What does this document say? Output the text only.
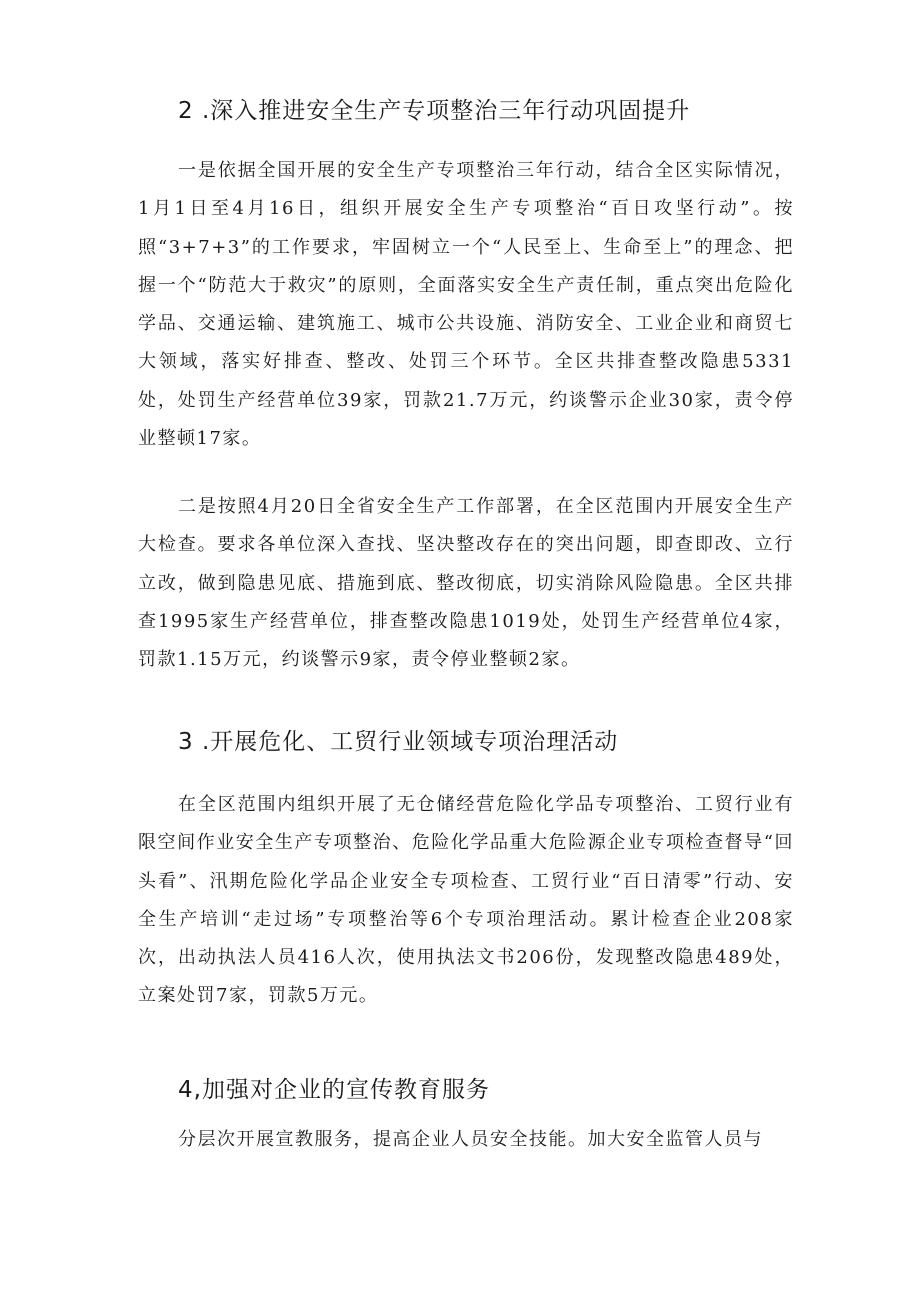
2 .深入推进安全生产专项整治三年行动巩固提升

一是依据全国开展的安全生产专项整治三年行动，结合全区实际情况，1月1日至4月16日，组织开展安全生产专项整治“百日攻坚行动”。按照“3+7+3”的工作要求，牢固树立一个“人民至上、生命至上”的理念、把握一个“防范大于救灾”的原则，全面落实安全生产责任制，重点突出危险化学品、交通运输、建筑施工、城市公共设施、消防安全、工业企业和商贸七大领域，落实好排查、整改、处罚三个环节。全区共排查整改隐患5331处，处罚生产经营单位39家，罚款21.7万元，约谈警示企业30家，责令停业整顿17家。

二是按照4月20日全省安全生产工作部署，在全区范围内开展安全生产大检查。要求各单位深入查找、坚决整改存在的突出问题，即查即改、立行立改，做到隐患见底、措施到底、整改彻底，切实消除风险隐患。全区共排查1995家生产经营单位，排查整改隐患1019处，处罚生产经营单位4家，罚款1.15万元，约谈警示9家，责令停业整顿2家。

3 .开展危化、工贸行业领域专项治理活动

在全区范围内组织开展了无仓储经营危险化学品专项整治、工贸行业有限空间作业安全生产专项整治、危险化学品重大危险源企业专项检查督导“回头看”、汛期危险化学品企业安全专项检查、工贸行业“百日清零”行动、安全生产培训“走过场”专项整治等6个专项治理活动。累计检查企业208家次，出动执法人员416人次，使用执法文书206份，发现整改隐患489处，立案处罚7家，罚款5万元。

4,加强对企业的宣传教育服务

分层次开展宣教服务，提高企业人员安全技能。加大安全监管人员与
